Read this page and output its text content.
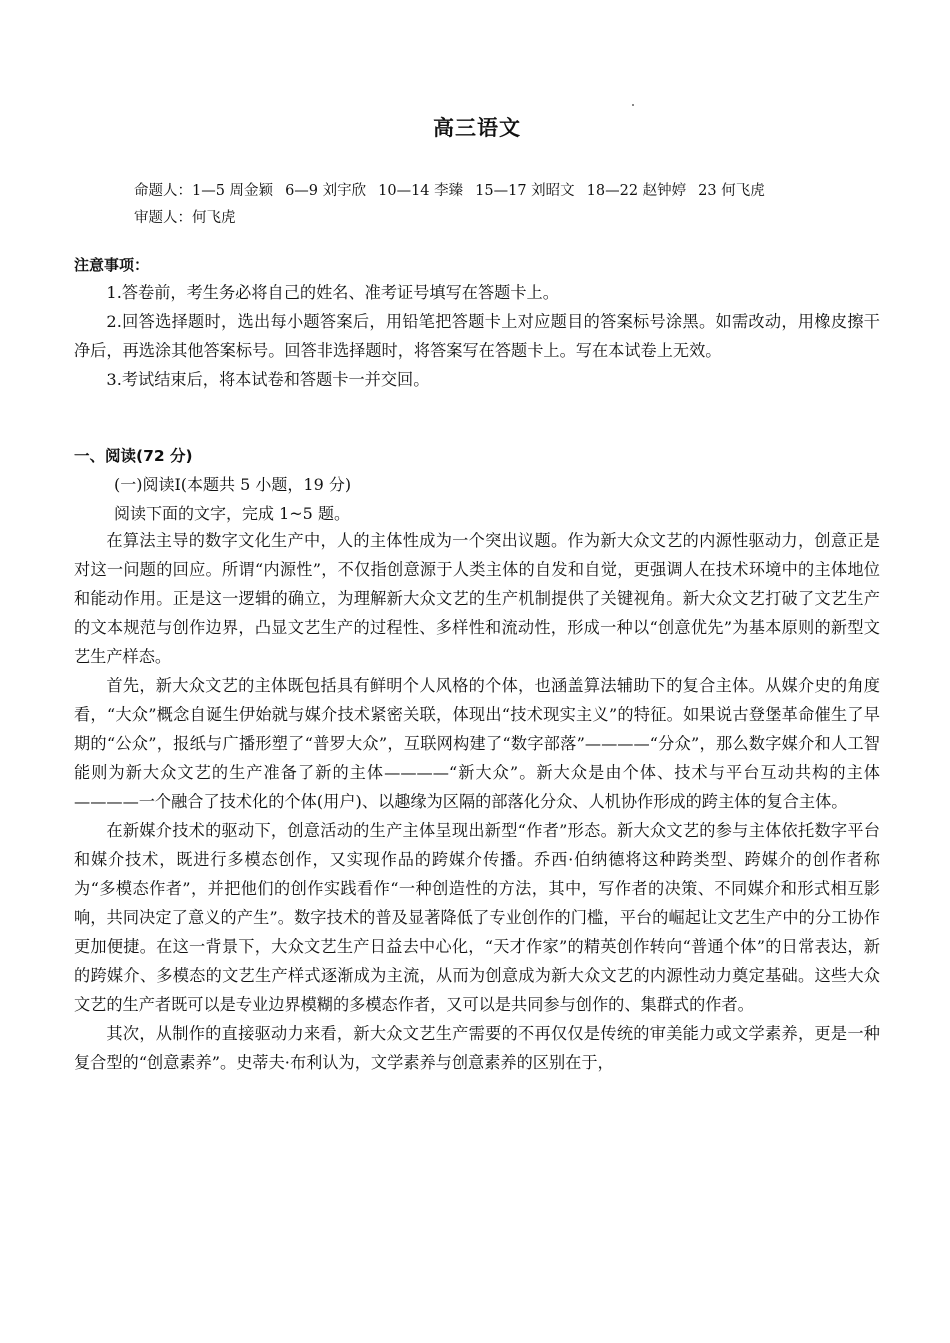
高三语文
命题人：1—5 周金颖 6—9 刘宇欣 10—14 李臻 15—17 刘昭文 18—22 赵钟婷 23 何飞虎
审题人：何飞虎
注意事项：

1.答卷前，考生务必将自己的姓名、准考证号填写在答题卡上。

2.回答选择题时，选出每小题答案后，用铅笔把答题卡上对应题目的答案标号涂黑。如需改动，用橡皮擦干净后，再选涂其他答案标号。回答非选择题时，将答案写在答题卡上。写在本试卷上无效。

3.考试结束后，将本试卷和答题卡一并交回。

一、阅读(72 分)
(一)阅读Ⅰ(本题共 5 小题，19 分)
阅读下面的文字，完成 1~5 题。

在算法主导的数字文化生产中，人的主体性成为一个突出议题。作为新大众文艺的内源性驱动力，创意正是对这一问题的回应。所谓“内源性”，不仅指创意源于人类主体的自发和自觉，更强调人在技术环境中的主体地位和能动作用。正是这一逻辑的确立，为理解新大众文艺的生产机制提供了关键视角。新大众文艺打破了文艺生产的文本规范与创作边界，凸显文艺生产的过程性、多样性和流动性，形成一种以“创意优先”为基本原则的新型文艺生产样态。

首先，新大众文艺的主体既包括具有鲜明个人风格的个体，也涵盖算法辅助下的复合主体。从媒介史的角度看，“大众”概念自诞生伊始就与媒介技术紧密关联，体现出“技术现实主义”的特征。如果说古登堡革命催生了早期的“公众”，报纸与广播形塑了“普罗大众”，互联网构建了“数字部落”————“分众”，那么数字媒介和人工智能则为新大众文艺的生产准备了新的主体————“新大众”。新大众是由个体、技术与平台互动共构的主体————一个融合了技术化的个体(用户)、以趣缘为区隔的部落化分众、人机协作形成的跨主体的复合主体。

在新媒介技术的驱动下，创意活动的生产主体呈现出新型“作者”形态。新大众文艺的参与主体依托数字平台和媒介技术，既进行多模态创作，又实现作品的跨媒介传播。乔西·伯纳德将这种跨类型、跨媒介的创作者称为“多模态作者”，并把他们的创作实践看作“一种创造性的方法，其中，写作者的决策、不同媒介和形式相互影响，共同决定了意义的产生”。数字技术的普及显著降低了专业创作的门槛，平台的崛起让文艺生产中的分工协作更加便捷。在这一背景下，大众文艺生产日益去中心化，“天才作家”的精英创作转向“普通个体”的日常表达，新的跨媒介、多模态的文艺生产样式逐渐成为主流，从而为创意成为新大众文艺的内源性动力奠定基础。这些大众文艺的生产者既可以是专业边界模糊的多模态作者，又可以是共同参与创作的、集群式的作者。

其次，从制作的直接驱动力来看，新大众文艺生产需要的不再仅仅是传统的审美能力或文学素养，更是一种复合型的“创意素养”。史蒂夫·布利认为，文学素养与创意素养的区别在于，
